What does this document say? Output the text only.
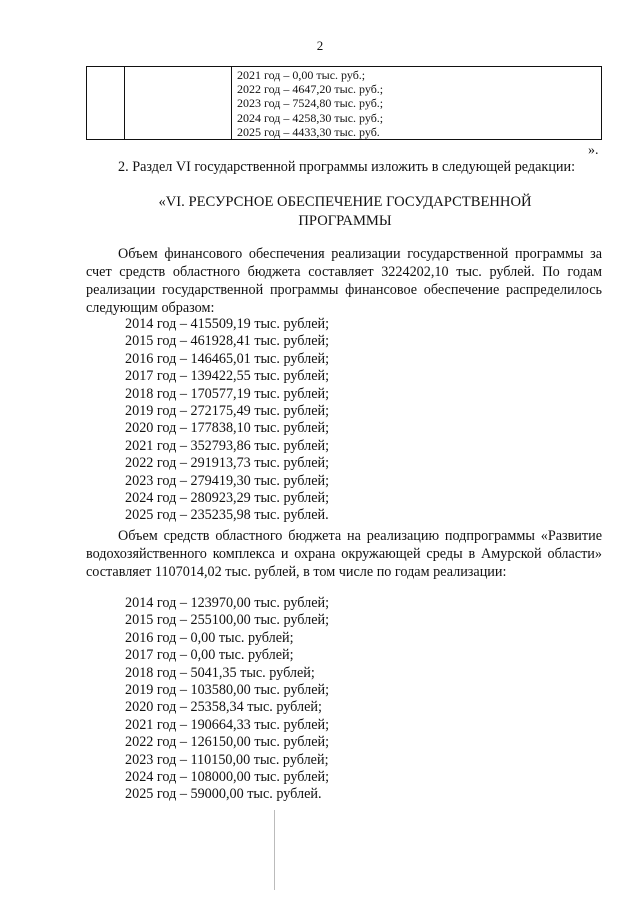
2
2021 год – 0,00 тыс. руб.;
2022 год – 4647,20 тыс. руб.;
2023 год – 7524,80 тыс. руб.;
2024 год – 4258,30 тыс. руб.;
2025 год – 4433,30 тыс. руб.
».
2. Раздел VI государственной программы изложить в следующей редакции:
«VI. РЕСУРСНОЕ ОБЕСПЕЧЕНИЕ ГОСУДАРСТВЕННОЙ ПРОГРАММЫ
Объем финансового обеспечения реализации государственной программы за счет средств областного бюджета составляет 3224202,10 тыс. рублей. По годам реализации государственной программы финансовое обеспечение распределилось следующим образом:
2014 год – 415509,19 тыс. рублей;
2015 год – 461928,41 тыс. рублей;
2016 год – 146465,01 тыс. рублей;
2017 год – 139422,55 тыс. рублей;
2018 год – 170577,19 тыс. рублей;
2019 год – 272175,49 тыс. рублей;
2020 год – 177838,10 тыс. рублей;
2021 год – 352793,86 тыс. рублей;
2022 год – 291913,73 тыс. рублей;
2023 год – 279419,30 тыс. рублей;
2024 год – 280923,29 тыс. рублей;
2025 год – 235235,98 тыс. рублей.
Объем средств областного бюджета на реализацию подпрограммы «Развитие водохозяйственного комплекса и охрана окружающей среды в Амурской области» составляет 1107014,02 тыс. рублей, в том числе по годам реализации:
2014 год – 123970,00 тыс. рублей;
2015 год – 255100,00 тыс. рублей;
2016 год – 0,00 тыс. рублей;
2017 год – 0,00 тыс. рублей;
2018 год – 5041,35 тыс. рублей;
2019 год – 103580,00 тыс. рублей;
2020 год – 25358,34 тыс. рублей;
2021 год – 190664,33 тыс. рублей;
2022 год – 126150,00 тыс. рублей;
2023 год – 110150,00 тыс. рублей;
2024 год – 108000,00 тыс. рублей;
2025 год – 59000,00 тыс. рублей.
